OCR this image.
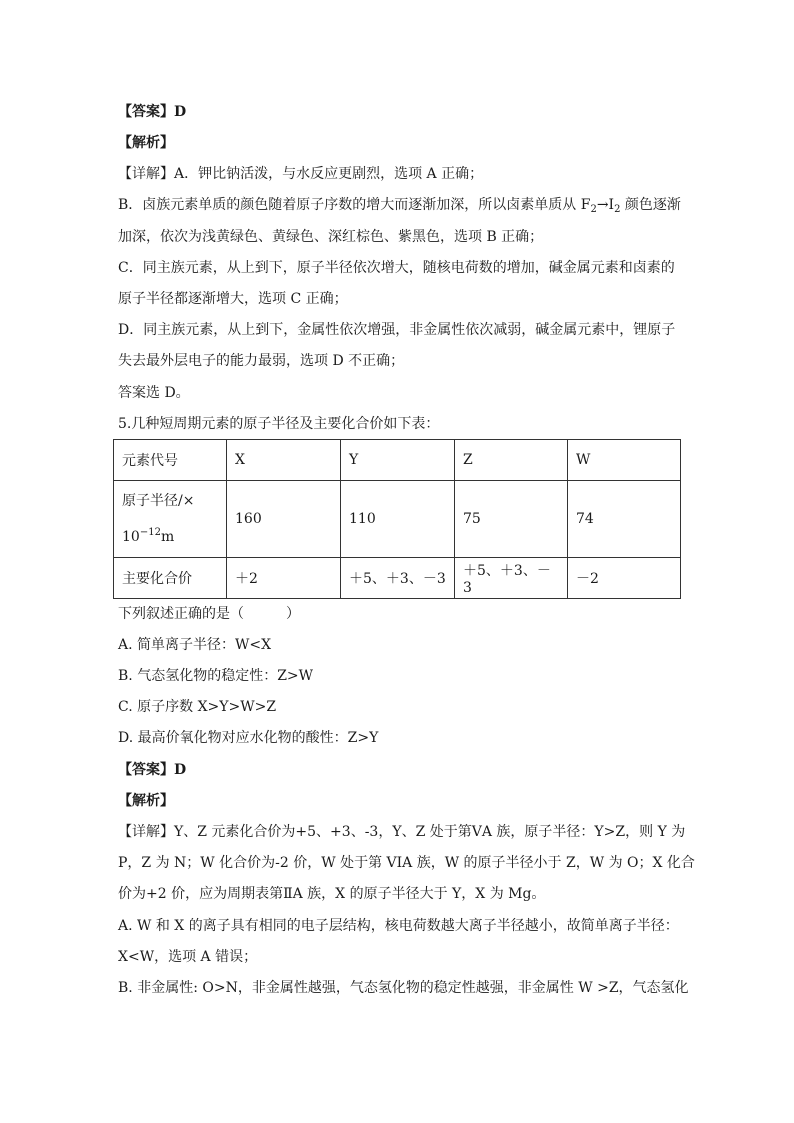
【答案】D
【解析】
【详解】A．钾比钠活泼，与水反应更剧烈，选项 A 正确；
B．卤族元素单质的颜色随着原子序数的增大而逐渐加深，所以卤素单质从 $F_2\to I_2$ 颜色逐渐
加深，依次为浅黄绿色、黄绿色、深红棕色、紫黑色，选项 B 正确；
C．同主族元素，从上到下，原子半径依次增大，随核电荷数的增加，碱金属元素和卤素的
原子半径都逐渐增大，选项 C 正确；
D．同主族元素，从上到下，金属性依次增强，非金属性依次减弱，碱金属元素中，锂原子
失去最外层电子的能力最弱，选项 D 不正确；
答案选 D。
5.几种短周期元素的原子半径及主要化合价如下表：
元素代号	X	Y	Z	W

原子半径/×
$10^{-12}m$	160	110	75	74
主要化合价	＋2	＋5、＋3、－3	＋5、＋3、－3	－2
下列叙述正确的是（　　　）
A. 简单离子半径：W<X
B. 气态氢化物的稳定性：Z>W
C. 原子序数 X>Y>W>Z
D. 最高价氧化物对应水化物的酸性：Z>Y
【答案】D
【解析】
【详解】Y、Z 元素化合价为+5、+3、-3，Y、Z 处于第ⅤA 族，原子半径：Y>Z，则 Y 为
P，Z 为 N；W 化合价为-2 价，W 处于第 VIA 族，W 的原子半径小于 Z，W 为 O；X 化合
价为+2 价，应为周期表第ⅡA 族，X 的原子半径大于 Y，X 为 Mg。
A. W 和 X 的离子具有相同的电子层结构，核电荷数越大离子半径越小，故简单离子半径：
X<W，选项 A 错误；
B. 非金属性: O>N，非金属性越强，气态氢化物的稳定性越强，非金属性 W >Z，气态氢化
